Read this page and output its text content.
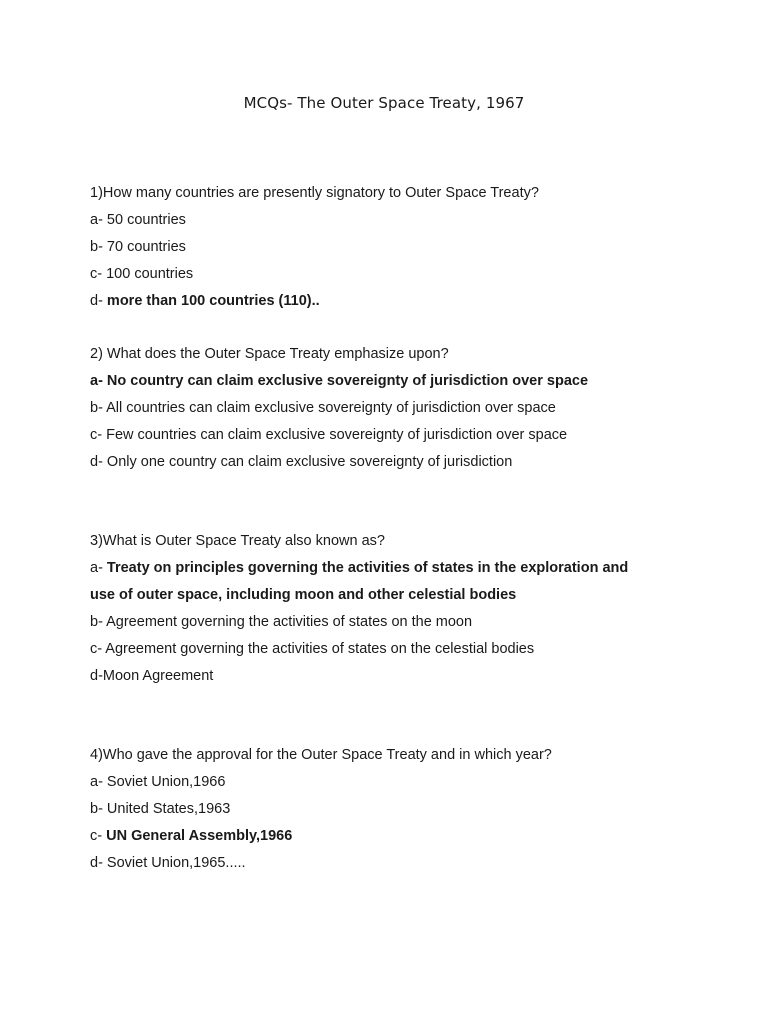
MCQs- The Outer Space Treaty, 1967
1)How many countries are presently signatory to Outer Space Treaty?
a- 50 countries
b- 70 countries
c- 100 countries
d- more than 100 countries (110)..
2) What does the Outer Space Treaty emphasize upon?
a- No country can claim exclusive sovereignty of jurisdiction over space
b- All countries can claim exclusive sovereignty of jurisdiction over space
c- Few countries can claim exclusive sovereignty of jurisdiction over space
d- Only one country can claim exclusive sovereignty of jurisdiction
3)What is Outer Space Treaty also known as?
a- Treaty on principles governing the activities of states in the exploration and
use of outer space, including moon and other celestial bodies
b- Agreement governing the activities of states on the moon
c- Agreement governing the activities of states on the celestial bodies
d-Moon Agreement
4)Who gave the approval for the Outer Space Treaty and in which year?
a- Soviet Union,1966
b- United States,1963
c- UN General Assembly,1966
d- Soviet Union,1965.....
